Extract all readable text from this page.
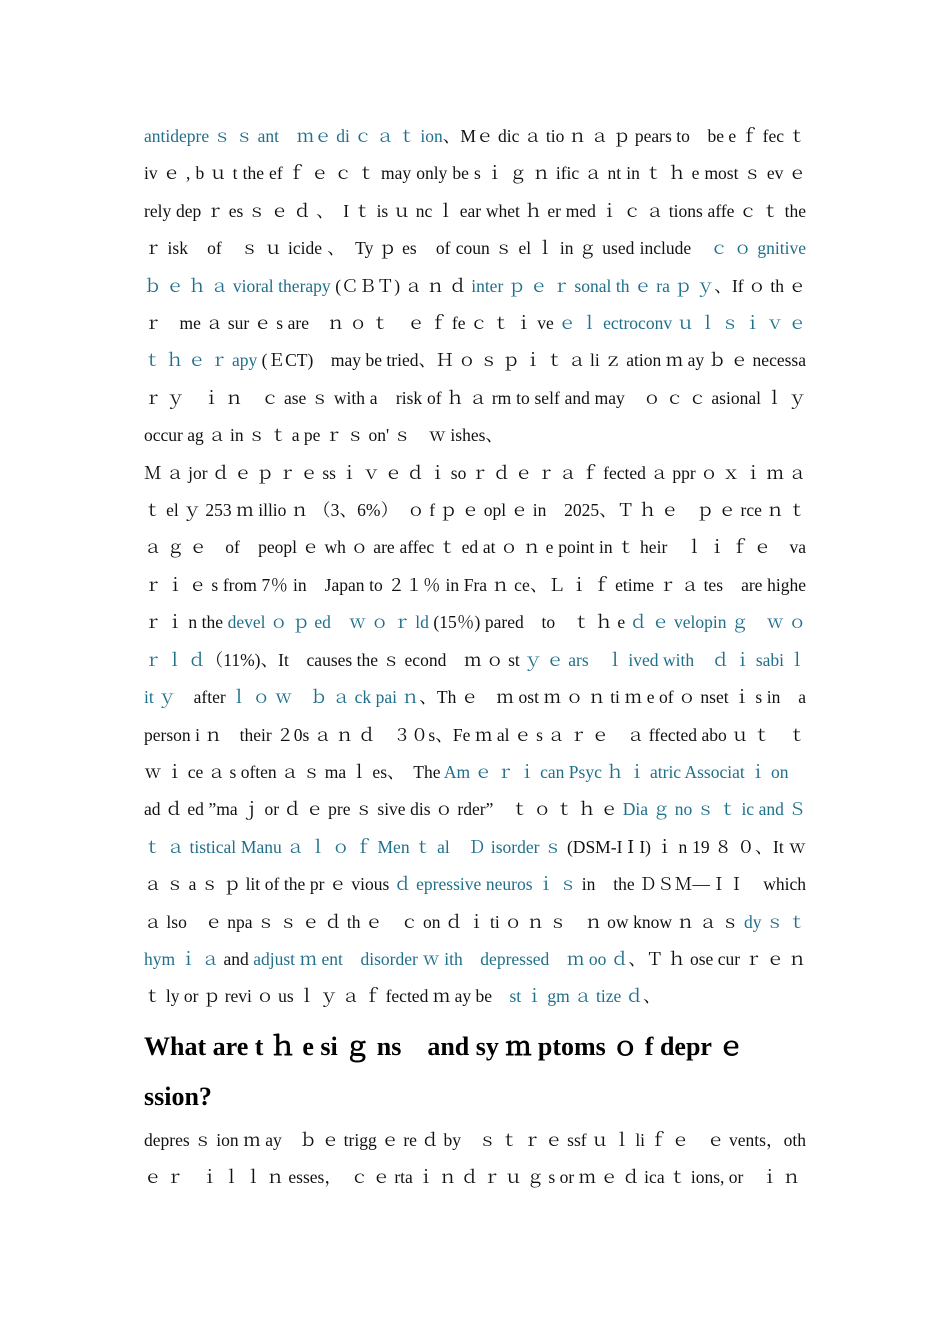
antidepre ｓ ｓ ant　ｍｅ di ｃ ａ ｔ ion、Mｅ dic ａ tio ｎ ａ ｐ pears to　be e ｆ fec ｔ iv ｅ , b ｕ t the ef ｆ ｅ ｃ ｔ may only be s ｉ ｇ ｎ ific ａ nt in ｔ ｈ e most ｓ ev ｅ rely dep ｒ es ｓ ｅ ｄ 、　I ｔ is ｕ nc ｌ ear whet ｈ er med ｉ ｃ ａ tions affe ｃ ｔ the ｒ isk　of　ｓ ｕ icide 、　Ty ｐ es　of coun ｓ el ｌ in ｇ used include　ｃ ｏ gnitive　ｂ ｅ ｈ ａ vioral therapy (ＣＢＴ) ａ ｎ ｄ inter ｐ ｅ ｒ sonal th ｅ ra ｐ ｙ、If ｏ th ｅ ｒ　me ａ sur ｅ s are　ｎ ｏ ｔ　ｅ ｆ fe ｃ ｔ ｉ ve ｅ ｌ ectroconv ｕ ｌ ｓ ｉ ｖ ｅ　ｔ ｈ ｅ ｒ apy (ＥCT)　may be tried、Ｈ ｏ ｓ ｐ ｉ ｔ ａ li ｚ ation ｍ ay ｂ ｅ necessa ｒ ｙ　ｉ ｎ　ｃ ase ｓ with a　risk of ｈ ａ rm to self and may　ｏ ｃ ｃ asional ｌ ｙ occur ag ａ in ｓ ｔ a pe ｒ ｓ on' ｓ　ｗ ishes、

Ｍ ａ jor ｄ ｅ ｐ ｒ ｅ ss ｉ ｖ ｅ ｄ ｉ so ｒ ｄ ｅ ｒ ａ ｆ fected ａ ppr ｏ ｘ ｉ ｍ ａ ｔ el ｙ 253 ｍ illio ｎ （3、6%）　ｏ f ｐ ｅ opl ｅ in　2025、Ｔ ｈ ｅ　ｐ ｅ rce ｎ ｔ ａ ｇ ｅ　of　peopl ｅ wh ｏ are affec ｔ ed at ｏ ｎ e point in ｔ heir　ｌ ｉ ｆ ｅ　va ｒ ｉ ｅ s from 7％ in　Japan to ２１％ in Fra ｎ ce、Ｌ ｉ ｆ etime ｒ ａ tes　are highe ｒ ｉ n the devel ｏ ｐ ed　ｗ ｏ ｒ ld (15％) pared　to　ｔ ｈ e ｄ ｅ velopin ｇ　ｗ ｏ ｒ ｌ ｄ（11%)、It　causes the ｓ econd　ｍ ｏ st ｙ ｅ ars　ｌ ived with　ｄ ｉ sabi ｌ it ｙ　after ｌ ｏ ｗ　ｂ ａ ck pai ｎ、Th ｅ　ｍ ost ｍ ｏ ｎ ti ｍ e of ｏ nset ｉ s in　a person i ｎ　their ２0s ａ ｎ ｄ　３０s、Fe ｍ al ｅ s ａ ｒ ｅ　ａ ffected abo ｕ ｔ　ｔ ｗ ｉ ce ａ s often ａ ｓ ma ｌ es、　The Am ｅ ｒ ｉ can Psyc ｈ ｉ atric Associat ｉ on　ad ｄ ed ”ma ｊ or ｄ ｅ pre ｓ sive dis ｏ rder”　ｔ ｏ ｔ ｈ ｅ Dia ｇ no ｓ ｔ ic and Ｓ ｔ ａ tistical Manu ａ ｌ ｏ ｆ Men ｔ al　Ｄ isorder ｓ (DSM-I Ⅰ I) ｉ n 19 ８ ０、It ｗ ａ ｓ a ｓ ｐ lit of the pr ｅ vious ｄ epressive neuros ｉ ｓ in　the ＤＳＭ—ＩＩ　which　ａ lso　ｅ npa ｓ ｓ ｅ ｄ th ｅ　ｃ on ｄ ｉ ti ｏ ｎ ｓ　ｎ ow know ｎ ａ ｓ dy ｓ ｔ hym ｉ ａ and adjust ｍ ent　disorder ｗ ith　depressed　ｍ oo ｄ、Ｔ ｈ ose cur ｒ ｅ ｎ ｔ ly or ｐ revi ｏ us ｌ ｙ ａ ｆ fected ｍ ay be　st ｉ gm ａ tize ｄ、

What are t ｈ e si ｇ ns　and sy ｍ ptoms ｏ f depr ｅ ssion?

depres ｓ ion ｍ ay　ｂ ｅ trigg ｅ re ｄ by　ｓ ｔ ｒ ｅ ssf ｕ ｌ li ｆ ｅ　ｅ vents，oth ｅ ｒ　ｉ ｌ ｌ ｎ esses，　ｃ ｅ rta ｉ ｎ ｄ ｒ ｕ ｇ s or ｍ ｅ ｄ ica ｔ ions, or　ｉ ｎ
